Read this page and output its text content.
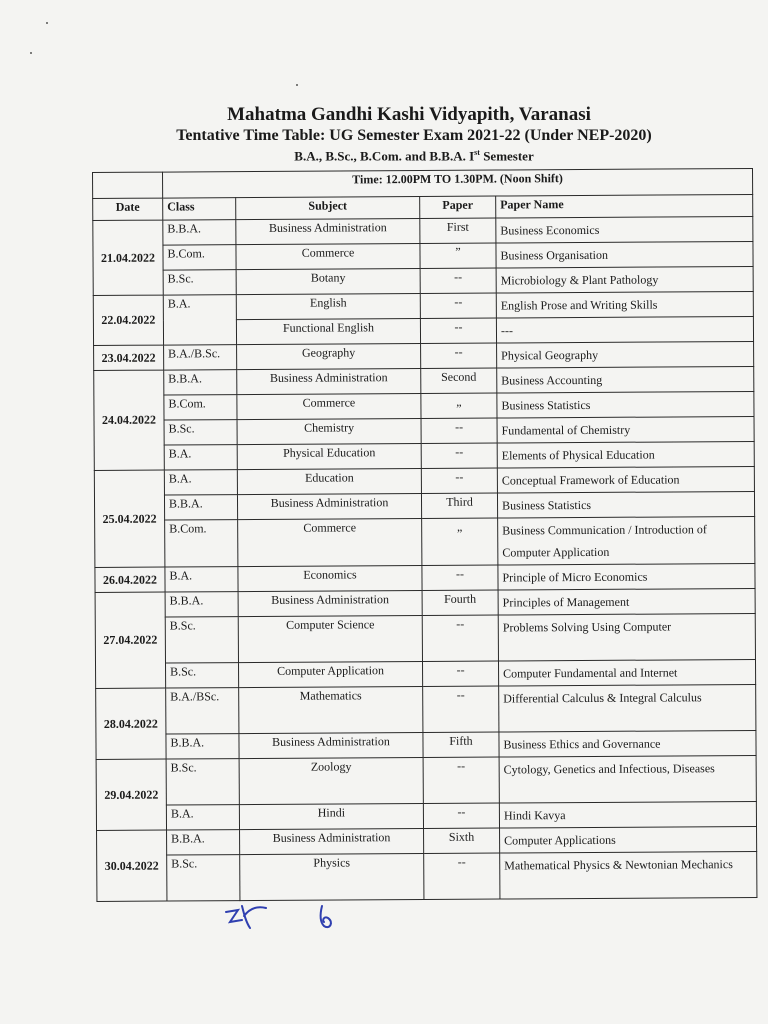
Mahatma Gandhi Kashi Vidyapith, Varanasi
Tentative Time Table: UG Semester Exam 2021-22 (Under NEP-2020)
B.A., B.Sc., B.Com. and B.B.A. Ist Semester
	Time: 12.00PM TO 1.30PM. (Noon Shift)			
Date	Class	Subject	Paper	Paper Name
21.04.2022	B.B.A.	Business Administration	First	Business Economics
	B.Com.	Commerce	”	Business Organisation
	B.Sc.	Botany	--	Microbiology & Plant Pathology
22.04.2022	B.A.	English	--	English Prose and Writing Skills
		Functional English	--	---
23.04.2022	B.A./B.Sc.	Geography	--	Physical Geography
24.04.2022	B.B.A.	Business Administration	Second	Business Accounting
	B.Com.	Commerce	„	Business Statistics
	B.Sc.	Chemistry	--	Fundamental of Chemistry
	B.A.	Physical Education	--	Elements of Physical Education
25.04.2022	B.A.	Education	--	Conceptual Framework of Education
	B.B.A.	Business Administration	Third	Business Statistics
	B.Com.	Commerce	„	Business Communication / Introduction of Computer Application
26.04.2022	B.A.	Economics	--	Principle of Micro Economics
27.04.2022	B.B.A.	Business Administration	Fourth	Principles of Management
	B.Sc.	Computer Science	--	Problems Solving Using Computer
	B.Sc.	Computer Application	--	Computer Fundamental and Internet
28.04.2022	B.A./BSc.	Mathematics	--	Differential Calculus & Integral Calculus
	B.B.A.	Business Administration	Fifth	Business Ethics and Governance
29.04.2022	B.Sc.	Zoology	--	Cytology, Genetics and Infectious, Diseases
	B.A.	Hindi	--	Hindi Kavya
30.04.2022	B.B.A.	Business Administration	Sixth	Computer Applications
	B.Sc.	Physics	--	Mathematical Physics & Newtonian Mechanics
